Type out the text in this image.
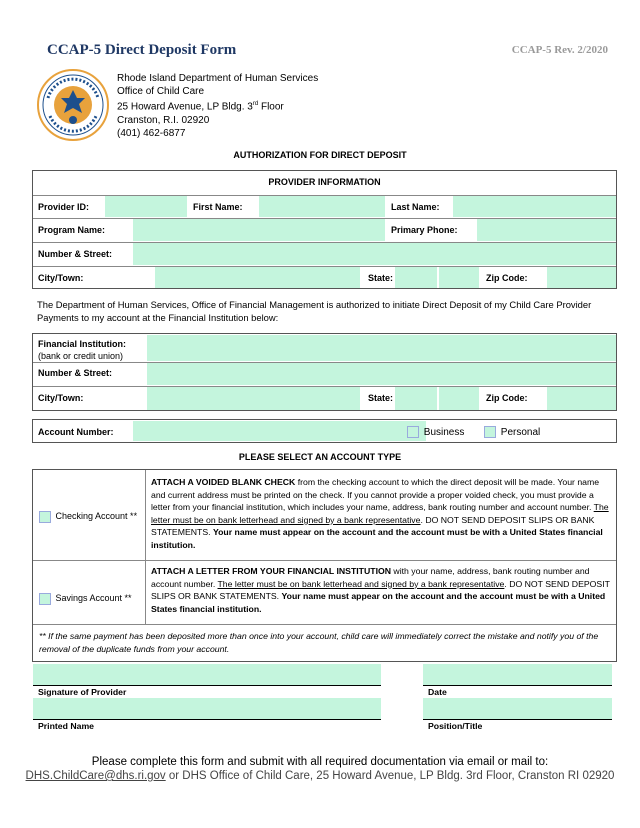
CCAP-5 Direct Deposit Form	CCAP-5 Rev. 2/2020
Rhode Island Department of Human Services
Office of Child Care
25 Howard Avenue, LP Bldg. 3rd Floor
Cranston, R.I. 02920
(401) 462-6877
AUTHORIZATION FOR DIRECT DEPOSIT
PROVIDER INFORMATION
Provider ID:	First Name:	Last Name:
Program Name:	Primary Phone:
Number & Street:
City/Town:	State:	Zip Code:
The Department of Human Services, Office of Financial Management is authorized to initiate Direct Deposit of my Child Care Provider Payments to my account at the Financial Institution below:
Financial Institution:
(bank or credit union)
Number & Street:
City/Town:	State:	Zip Code:
Account Number:	Business	Personal
PLEASE SELECT AN ACCOUNT TYPE
Checking Account **
ATTACH A VOIDED BLANK CHECK from the checking account to which the direct deposit will be made. Your name and current address must be printed on the check. If you cannot provide a proper voided check, you must provide a letter from your financial institution, which includes your name, address, bank routing number and account number. The letter must be on bank letterhead and signed by a bank representative. DO NOT SEND DEPOSIT SLIPS OR BANK STATEMENTS. Your name must appear on the account and the account must be with a United States financial institution.
Savings Account **
ATTACH A LETTER FROM YOUR FINANCIAL INSTITUTION with your name, address, bank routing number and account number. The letter must be on bank letterhead and signed by a bank representative. DO NOT SEND DEPOSIT SLIPS OR BANK STATEMENTS. Your name must appear on the account and the account must be with a United States financial institution.
** If the same payment has been deposited more than once into your account, child care will immediately correct the mistake and notify you of the removal of the duplicate funds from your account.
Signature of Provider	Date
Printed Name	Position/Title
Please complete this form and submit with all required documentation via email or mail to:
DHS.ChildCare@dhs.ri.gov or DHS Office of Child Care, 25 Howard Avenue, LP Bldg. 3rd Floor, Cranston RI 02920
